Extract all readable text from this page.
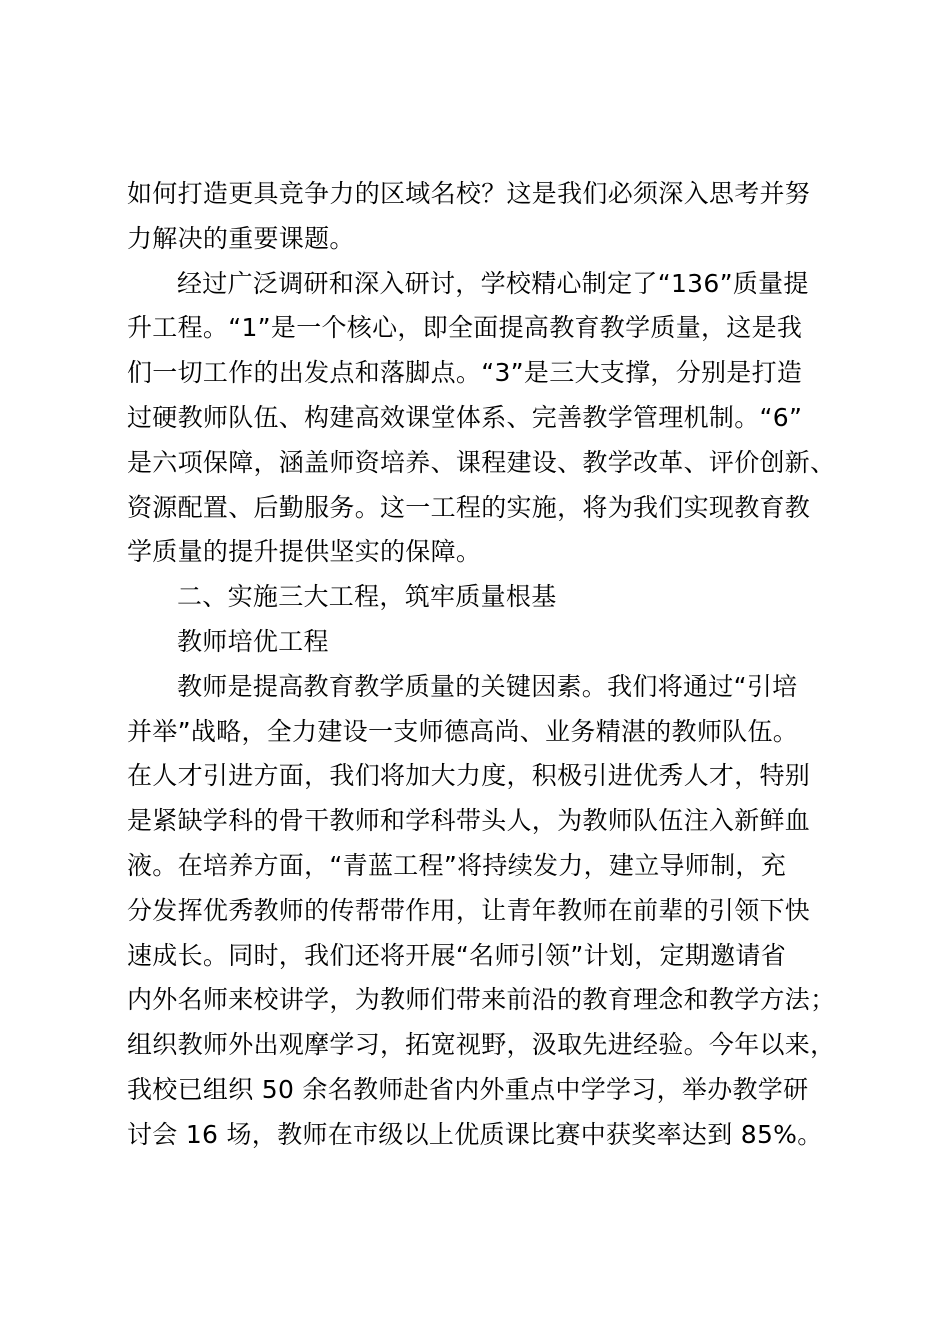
如何打造更具竞争力的区域名校？这是我们必须深入思考并努
力解决的重要课题。
经过广泛调研和深入研讨，学校精心制定了“136”质量提
升工程。“1”是一个核心，即全面提高教育教学质量，这是我
们一切工作的出发点和落脚点。“3”是三大支撑，分别是打造
过硬教师队伍、构建高效课堂体系、完善教学管理机制。“6”
是六项保障，涵盖师资培养、课程建设、教学改革、评价创新、
资源配置、后勤服务。这一工程的实施，将为我们实现教育教
学质量的提升提供坚实的保障。
二、实施三大工程，筑牢质量根基
教师培优工程
教师是提高教育教学质量的关键因素。我们将通过“引培
并举”战略，全力建设一支师德高尚、业务精湛的教师队伍。
在人才引进方面，我们将加大力度，积极引进优秀人才，特别
是紧缺学科的骨干教师和学科带头人，为教师队伍注入新鲜血
液。在培养方面，“青蓝工程”将持续发力，建立导师制，充
分发挥优秀教师的传帮带作用，让青年教师在前辈的引领下快
速成长。同时，我们还将开展“名师引领”计划，定期邀请省
内外名师来校讲学，为教师们带来前沿的教育理念和教学方法；
组织教师外出观摩学习，拓宽视野，汲取先进经验。今年以来，
我校已组织 50 余名教师赴省内外重点中学学习，举办教学研
讨会 16 场，教师在市级以上优质课比赛中获奖率达到 85%。
